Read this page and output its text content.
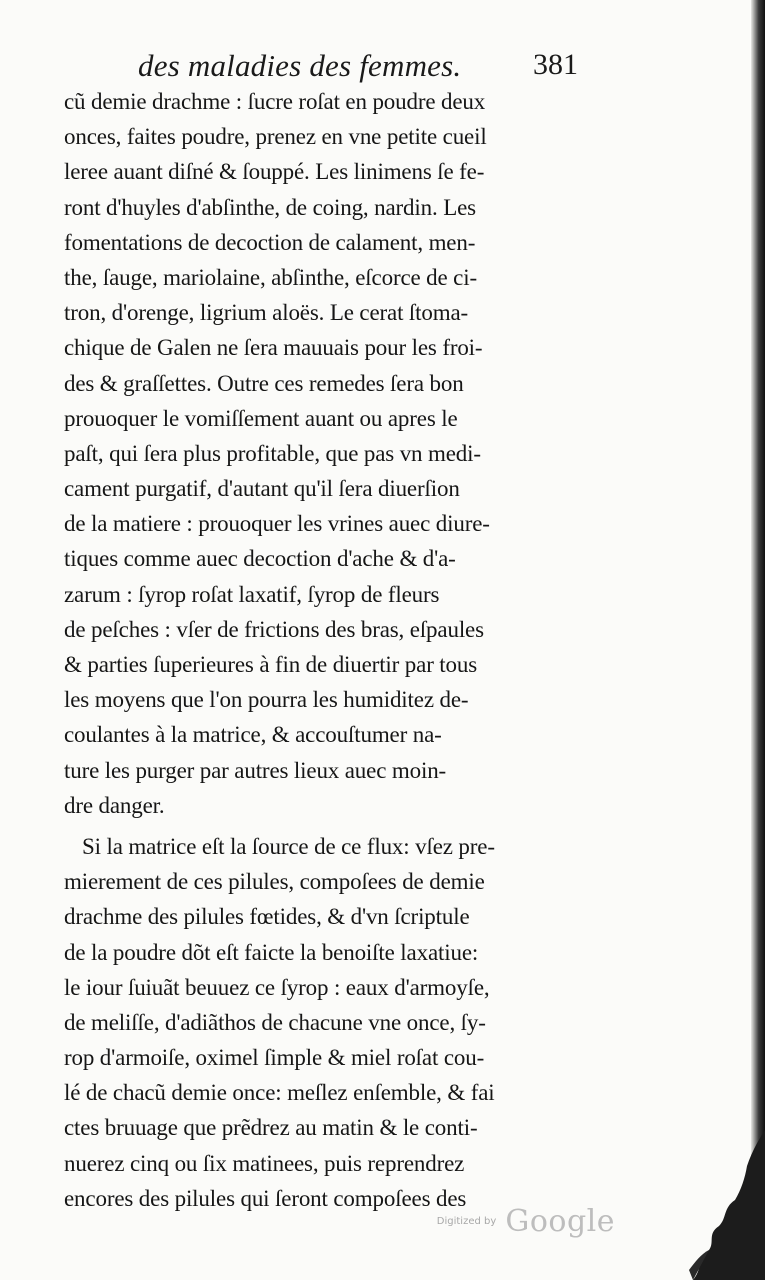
des maladies des femmes. 381
cũ demie drachme : ſucre roſat en poudre deux
onces, faites poudre, prenez en vne petite cueil
leree auant diſné & ſouppé. Les linimens ſe fe-
ront d'huyles d'abſinthe, de coing, nardin. Les
fomentations de decoction de calament, men-
the, ſauge, mariolaine, abſinthe, eſcorce de ci-
tron, d'orenge, ligrium aloës. Le cerat ſtoma-
chique de Galen ne ſera mauuais pour les froi-
des & graſſettes. Outre ces remedes ſera bon
prouoquer le vomiſſement auant ou apres le
paſt, qui ſera plus profitable, que pas vn medi-
cament purgatif, d'autant qu'il ſera diuerſion
de la matiere : prouoquer les vrines auec diure-
tiques comme auec decoction d'ache & d'a-
zarum : ſyrop roſat laxatif, ſyrop de fleurs
de peſches : vſer de frictions des bras, eſpaules
& parties ſuperieures à fin de diuertir par tous
les moyens que l'on pourra les humiditez de-
coulantes à la matrice, & accouſtumer na-
ture les purger par autres lieux auec moin-
dre danger.
Si la matrice eſt la ſource de ce flux: vſez pre-
mierement de ces pilules, compoſees de demie
drachme des pilules fœtides, & d'vn ſcriptule
de la poudre dõt eſt faicte la benoiſte laxatiue:
le iour ſuiuãt beuuez ce ſyrop : eaux d'armoyſe,
de meliſſe, d'adiãthos de chacune vne once, ſy-
rop d'armoiſe, oximel ſimple & miel roſat cou-
lé de chacũ demie once: meſlez enſemble, & fai
ctes bruuage que prẽdrez au matin & le conti-
nuerez cinq ou ſix matinees, puis reprendrez
encores des pilules qui ſeront compoſees des
Digitized by Google
